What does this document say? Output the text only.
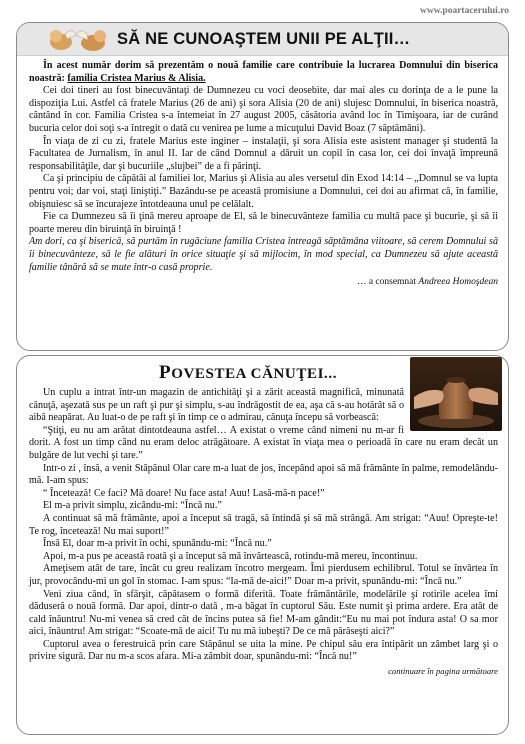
www.poartacerului.ro
SĂ NE CUNOAŞTEM UNII PE ALŢII…

În acest număr dorim să prezentăm o nouă familie care contribuie la lucrarea Domnului din biserica noastră: familia Cristea Marius & Alisia.

Cei doi tineri au fost binecuvântaţi de Dumnezeu cu voci deosebite, dar mai ales cu dorinţa de a le pune la dispoziţia Lui. Astfel că fratele Marius (26 de ani) şi sora Alisia (20 de ani) slujesc Domnului, în biserica noastră, cântând în cor. Familia Cristea s-a întemeiat în 27 august 2005, căsătoria având loc în Timişoara, iar de curând bucuria celor doi soţi s-a întregit o dată cu venirea pe lume a micuţului David Boaz (7 săptămâni).

În viaţa de zi cu zi, fratele Marius este inginer – instalaţii, şi sora Alisia este asistent manager şi studentă la Facultatea de Jurnalism, în anul II. Iar de când Domnul a dăruit un copil în casa lor, cei doi învaţă împreună responsabilităţile, dar şi bucuriile „slujbei” de a fi părinţi.

Ca şi principiu de căpătâi al familiei lor, Marius şi Alisia au ales versetul din Exod 14:14 – „Domnul se va lupta pentru voi; dar voi, staţi liniştiţi.” Bazându-se pe această promisiune a Domnului, cei doi au afirmat că, în familie, obişnuiesc să se încurajeze întotdeauna unul pe celălalt.

Fie ca Dumnezeu să îi ţină mereu aproape de El, să le binecuvânteze familia cu multă pace şi bucurie, şi să îi poarte mereu din biruinţă în biruinţă !

Am dori, ca şi biserică, să purtăm în rugăciune familia Cristea întreagă săptămâna viitoare, să cerem Domnului să îi binecuvânteze, să le fie alături în orice situaţie şi să mijlocim, în mod special, ca Dumnezeu să ajute această familie tânără să se mute într-o casă proprie.

… a consemnat Andreea Homoşdean

POVESTEA CĂNUŢEI...

Un cuplu a intrat într-un magazin de antichităţi şi a zărit această magnifică, minunată cănuţă, aşezată sus pe un raft şi pur şi simplu, s-au îndrăgostit de ea, aşa că s-au hotărât să o aibă neapărat. Au luat-o de pe raft şi în timp ce o admirau, cănuţa începu să vorbească:

“Ştiţi, eu nu am arătat dintotdeauna astfel… A existat o vreme când nimeni nu m-ar fi dorit. A fost un timp când nu eram deloc atrăgătoare. A existat în viaţa mea o perioadă în care nu eram decât un bulgăre de lut vechi şi tare.”

Intr-o zi , însă, a venit Stăpânul Olar care m-a luat de jos, începând apoi să mă frământe în palme, remodelându-mă. I-am spus:

“ Încetează! Ce faci? Mă doare! Nu face asta! Auu! Lasă-mă-n pace!”

El m-a privit simplu, zicându-mi: “Încă nu.”

A continuat să mă frământe, apoi a început să tragă, să întindă şi să mă strângă. Am strigat: “Auu! Opreşte-te! Te rog, încetează! Nu mai suport!”

Însă El, doar m-a privit în ochi, spunându-mi: “Încă nu.”

Apoi, m-a pus pe această roată şi a început să mă învârtească, rotindu-mă mereu, încontinuu.

Ameţisem atât de tare, încât cu greu realizam încotro mergeam. Îmi pierdusem echilibrul. Totul se învârtea în jur, provocându-mi un gol în stomac. I-am spus: “Ia-mă de-aici!” Doar m-a privit, spunându-mi: “Încă nu.”

Veni ziua când, în sfârşit, căpătasem o formă diferită. Toate frământările, modelările şi rotirile acelea îmi dăduseră o nouă formă. Dar apoi, dintr-o dată , m-a băgat în cuptorul Său. Este numit şi prima ardere. Era atât de cald înăuntru! Nu-mi venea să cred căt de încins putea să fie! M-am gândit:“Eu nu mai pot îndura asta! O sa mor aici, înăuntru! Am strigat: “Scoate-mă de aici! Tu nu mă iubeşti? De ce mă părăseşti aici?”

Cuptorul avea o ferestruică prin care Stăpânul se uita la mine. Pe chipul său era întipărit un zâmbet larg şi o privire sigură. Dar nu m-a scos afara. Mi-a zâmbit doar, spunându-mi: “Încă nu!”

continuare în pagina următoare
